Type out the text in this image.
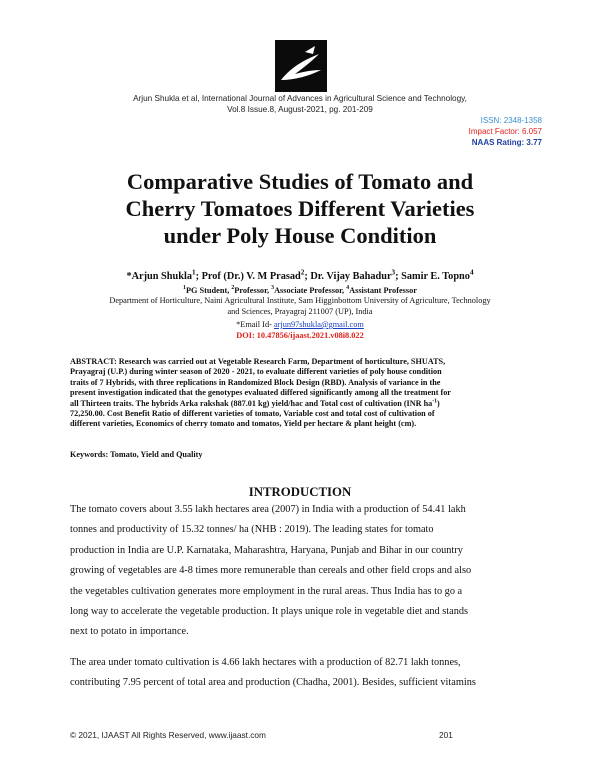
Arjun Shukla et al, International Journal of Advances in Agricultural Science and Technology,
Vol.8 Issue.8, August-2021, pg. 201-209
ISSN: 2348-1358
Impact Factor: 6.057
NAAS Rating: 3.77
Comparative Studies of Tomato and
Cherry Tomatoes Different Varieties
under Poly House Condition
*Arjun Shukla$^1$; Prof (Dr.) V. M Prasad$^2$; Dr. Vijay Bahadur$^3$; Samir E. Topno$^4$
$^1$PG Student, $^2$Professor, $^3$Associate Professor, $^4$Assistant Professor
Department of Horticulture, Naini Agricultural Institute, Sam Higginbottom University of Agriculture, Technology
and Sciences, Prayagraj 211007 (UP), India
*Email Id- arjun97shukla@gmail.com
DOI: 10.47856/ijaast.2021.v08i8.022
ABSTRACT: Research was carried out at Vegetable Research Farm, Department of horticulture, SHUATS,
Prayagraj (U.P.) during winter season of 2020 - 2021, to evaluate different varieties of poly house condition
traits of 7 Hybrids, with three replications in Randomized Block Design (RBD). Analysis of variance in the
present investigation indicated that the genotypes evaluated differed significantly among all the treatment for
all Thirteen traits. The hybrids Arka rakshak (887.01 kg) yield/hac and Total cost of cultivation (INR $ha^{-1}$)
72,250.00. Cost Benefit Ratio of different varieties of tomato, Variable cost and total cost of cultivation of
different varieties, Economics of cherry tomato and tomatos, Yield per hectare & plant height (cm).
Keywords: Tomato, Yield and Quality
INTRODUCTION
The tomato covers about 3.55 lakh hectares area (2007) in India with a production of 54.41 lakh
tonnes and productivity of 15.32 tonnes/ ha (NHB : 2019). The leading states for tomato
production in India are U.P. Karnataka, Maharashtra, Haryana, Punjab and Bihar in our country
growing of vegetables are 4-8 times more remunerable than cereals and other field crops and also
the vegetables cultivation generates more employment in the rural areas. Thus India has to go a
long way to accelerate the vegetable production. It plays unique role in vegetable diet and stands
next to potato in importance.
The area under tomato cultivation is 4.66 lakh hectares with a production of 82.71 lakh tonnes,
contributing 7.95 percent of total area and production (Chadha, 2001). Besides, sufficient vitamins
© 2021, IJAAST All Rights Reserved, www.ijaast.com	201
